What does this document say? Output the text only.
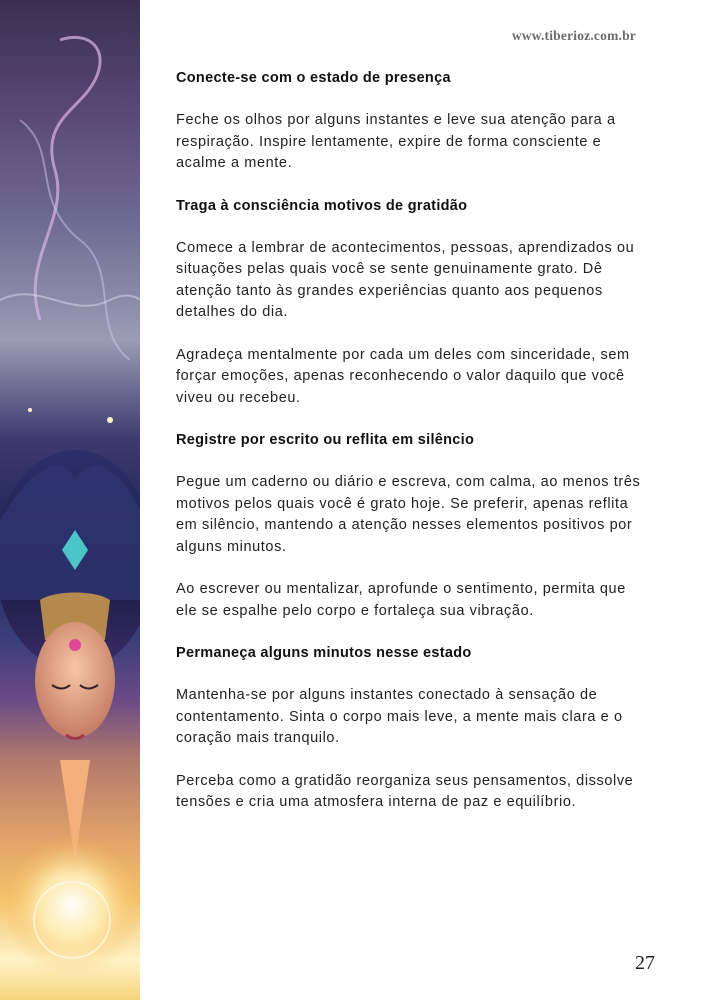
www.tiberioz.com.br
Conecte-se com o estado de presença

Feche os olhos por alguns instantes e leve sua atenção para a respiração. Inspire lentamente, expire de forma consciente e acalme a mente.

Traga à consciência motivos de gratidão

Comece a lembrar de acontecimentos, pessoas, aprendizados ou situações pelas quais você se sente genuinamente grato. Dê atenção tanto às grandes experiências quanto aos pequenos detalhes do dia.

Agradeça mentalmente por cada um deles com sinceridade, sem forçar emoções, apenas reconhecendo o valor daquilo que você viveu ou recebeu.

Registre por escrito ou reflita em silêncio

Pegue um caderno ou diário e escreva, com calma, ao menos três motivos pelos quais você é grato hoje. Se preferir, apenas reflita em silêncio, mantendo a atenção nesses elementos positivos por alguns minutos.

Ao escrever ou mentalizar, aprofunde o sentimento, permita que ele se espalhe pelo corpo e fortaleça sua vibração.

Permaneça alguns minutos nesse estado

Mantenha-se por alguns instantes conectado à sensação de contentamento. Sinta o corpo mais leve, a mente mais clara e o coração mais tranquilo.

Perceba como a gratidão reorganiza seus pensamentos, dissolve tensões e cria uma atmosfera interna de paz e equilíbrio.

27
